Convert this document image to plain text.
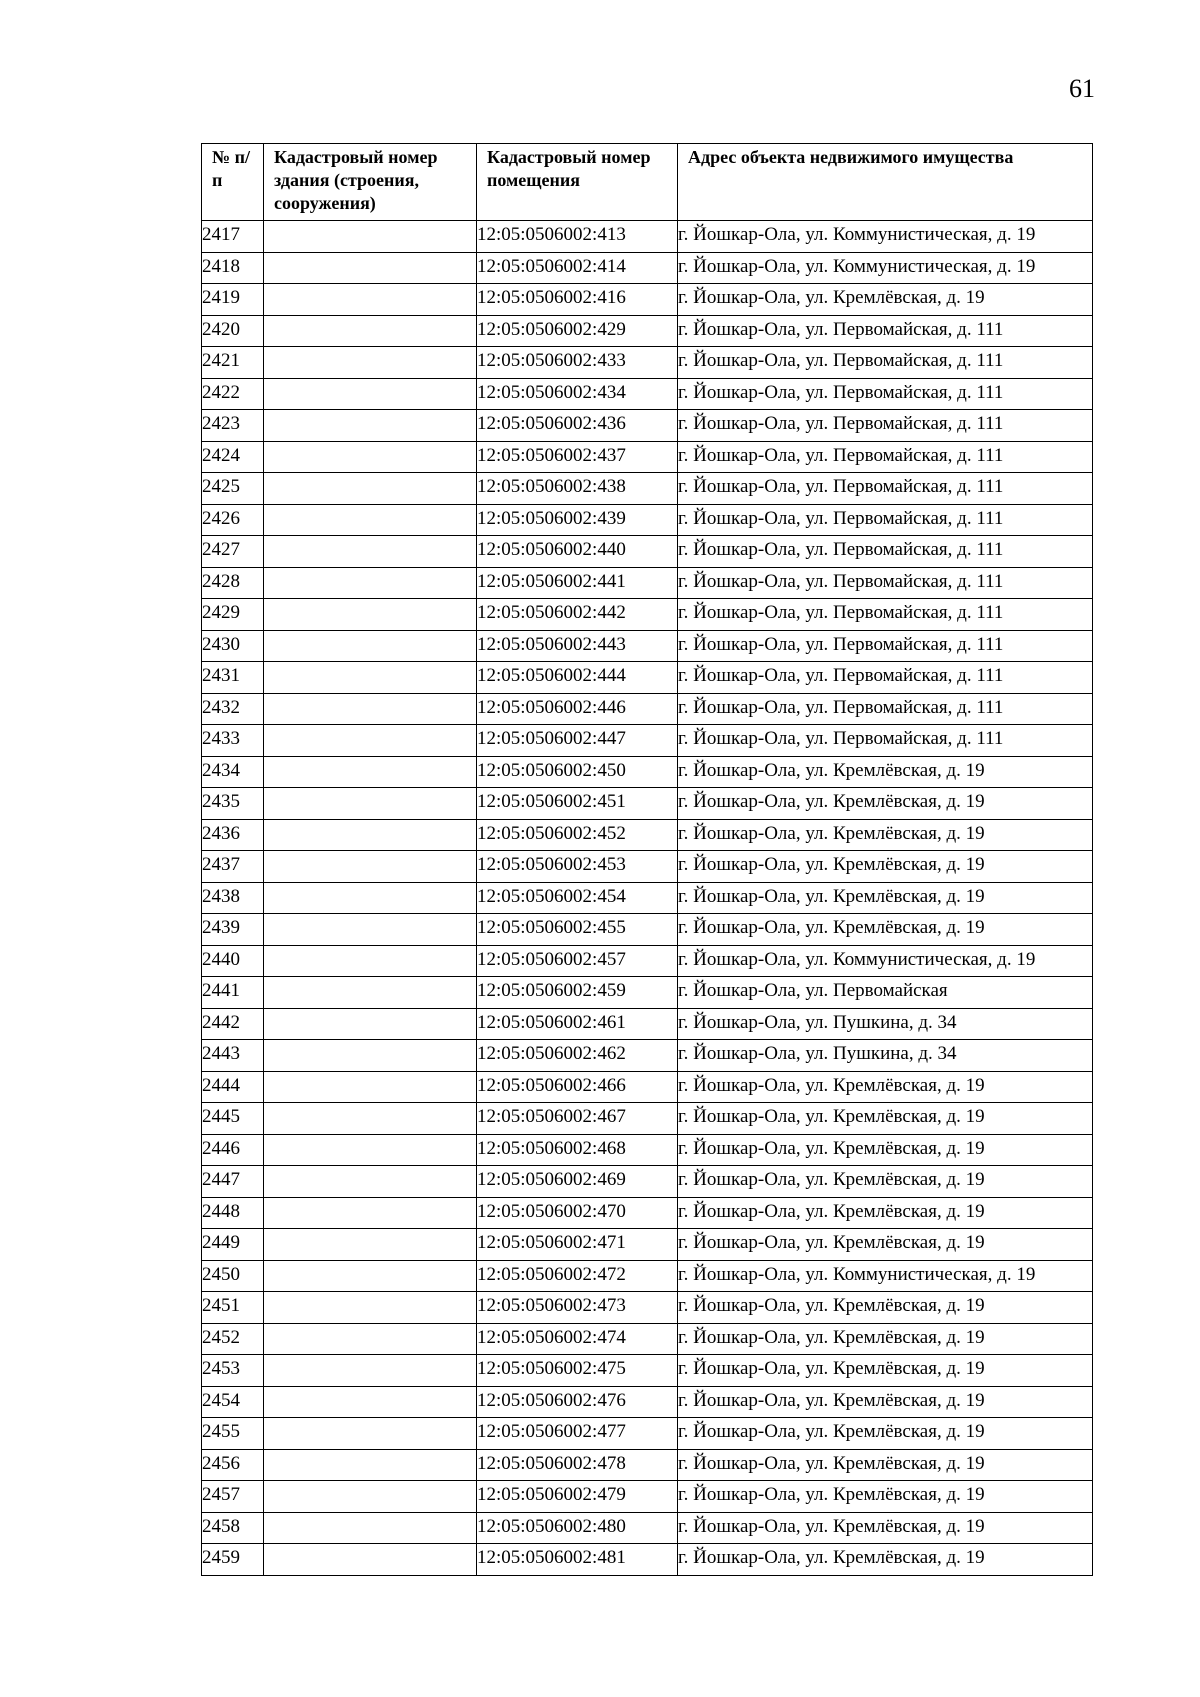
61
№ п/п	Кадастровый номер здания (строения, сооружения)	Кадастровый номер помещения	Адрес объекта недвижимого имущества
2417		12:05:0506002:413	г. Йошкар-Ола, ул. Коммунистическая, д. 19
2418		12:05:0506002:414	г. Йошкар-Ола, ул. Коммунистическая, д. 19
2419		12:05:0506002:416	г. Йошкар-Ола, ул. Кремлёвская, д. 19
2420		12:05:0506002:429	г. Йошкар-Ола, ул. Первомайская, д. 111
2421		12:05:0506002:433	г. Йошкар-Ола, ул. Первомайская, д. 111
2422		12:05:0506002:434	г. Йошкар-Ола, ул. Первомайская, д. 111
2423		12:05:0506002:436	г. Йошкар-Ола, ул. Первомайская, д. 111
2424		12:05:0506002:437	г. Йошкар-Ола, ул. Первомайская, д. 111
2425		12:05:0506002:438	г. Йошкар-Ола, ул. Первомайская, д. 111
2426		12:05:0506002:439	г. Йошкар-Ола, ул. Первомайская, д. 111
2427		12:05:0506002:440	г. Йошкар-Ола, ул. Первомайская, д. 111
2428		12:05:0506002:441	г. Йошкар-Ола, ул. Первомайская, д. 111
2429		12:05:0506002:442	г. Йошкар-Ола, ул. Первомайская, д. 111
2430		12:05:0506002:443	г. Йошкар-Ола, ул. Первомайская, д. 111
2431		12:05:0506002:444	г. Йошкар-Ола, ул. Первомайская, д. 111
2432		12:05:0506002:446	г. Йошкар-Ола, ул. Первомайская, д. 111
2433		12:05:0506002:447	г. Йошкар-Ола, ул. Первомайская, д. 111
2434		12:05:0506002:450	г. Йошкар-Ола, ул. Кремлёвская, д. 19
2435		12:05:0506002:451	г. Йошкар-Ола, ул. Кремлёвская, д. 19
2436		12:05:0506002:452	г. Йошкар-Ола, ул. Кремлёвская, д. 19
2437		12:05:0506002:453	г. Йошкар-Ола, ул. Кремлёвская, д. 19
2438		12:05:0506002:454	г. Йошкар-Ола, ул. Кремлёвская, д. 19
2439		12:05:0506002:455	г. Йошкар-Ола, ул. Кремлёвская, д. 19
2440		12:05:0506002:457	г. Йошкар-Ола, ул. Коммунистическая, д. 19
2441		12:05:0506002:459	г. Йошкар-Ола, ул. Первомайская
2442		12:05:0506002:461	г. Йошкар-Ола, ул. Пушкина, д. 34
2443		12:05:0506002:462	г. Йошкар-Ола, ул. Пушкина, д. 34
2444		12:05:0506002:466	г. Йошкар-Ола, ул. Кремлёвская, д. 19
2445		12:05:0506002:467	г. Йошкар-Ола, ул. Кремлёвская, д. 19
2446		12:05:0506002:468	г. Йошкар-Ола, ул. Кремлёвская, д. 19
2447		12:05:0506002:469	г. Йошкар-Ола, ул. Кремлёвская, д. 19
2448		12:05:0506002:470	г. Йошкар-Ола, ул. Кремлёвская, д. 19
2449		12:05:0506002:471	г. Йошкар-Ола, ул. Кремлёвская, д. 19
2450		12:05:0506002:472	г. Йошкар-Ола, ул. Коммунистическая, д. 19
2451		12:05:0506002:473	г. Йошкар-Ола, ул. Кремлёвская, д. 19
2452		12:05:0506002:474	г. Йошкар-Ола, ул. Кремлёвская, д. 19
2453		12:05:0506002:475	г. Йошкар-Ола, ул. Кремлёвская, д. 19
2454		12:05:0506002:476	г. Йошкар-Ола, ул. Кремлёвская, д. 19
2455		12:05:0506002:477	г. Йошкар-Ола, ул. Кремлёвская, д. 19
2456		12:05:0506002:478	г. Йошкар-Ола, ул. Кремлёвская, д. 19
2457		12:05:0506002:479	г. Йошкар-Ола, ул. Кремлёвская, д. 19
2458		12:05:0506002:480	г. Йошкар-Ола, ул. Кремлёвская, д. 19
2459		12:05:0506002:481	г. Йошкар-Ола, ул. Кремлёвская, д. 19
